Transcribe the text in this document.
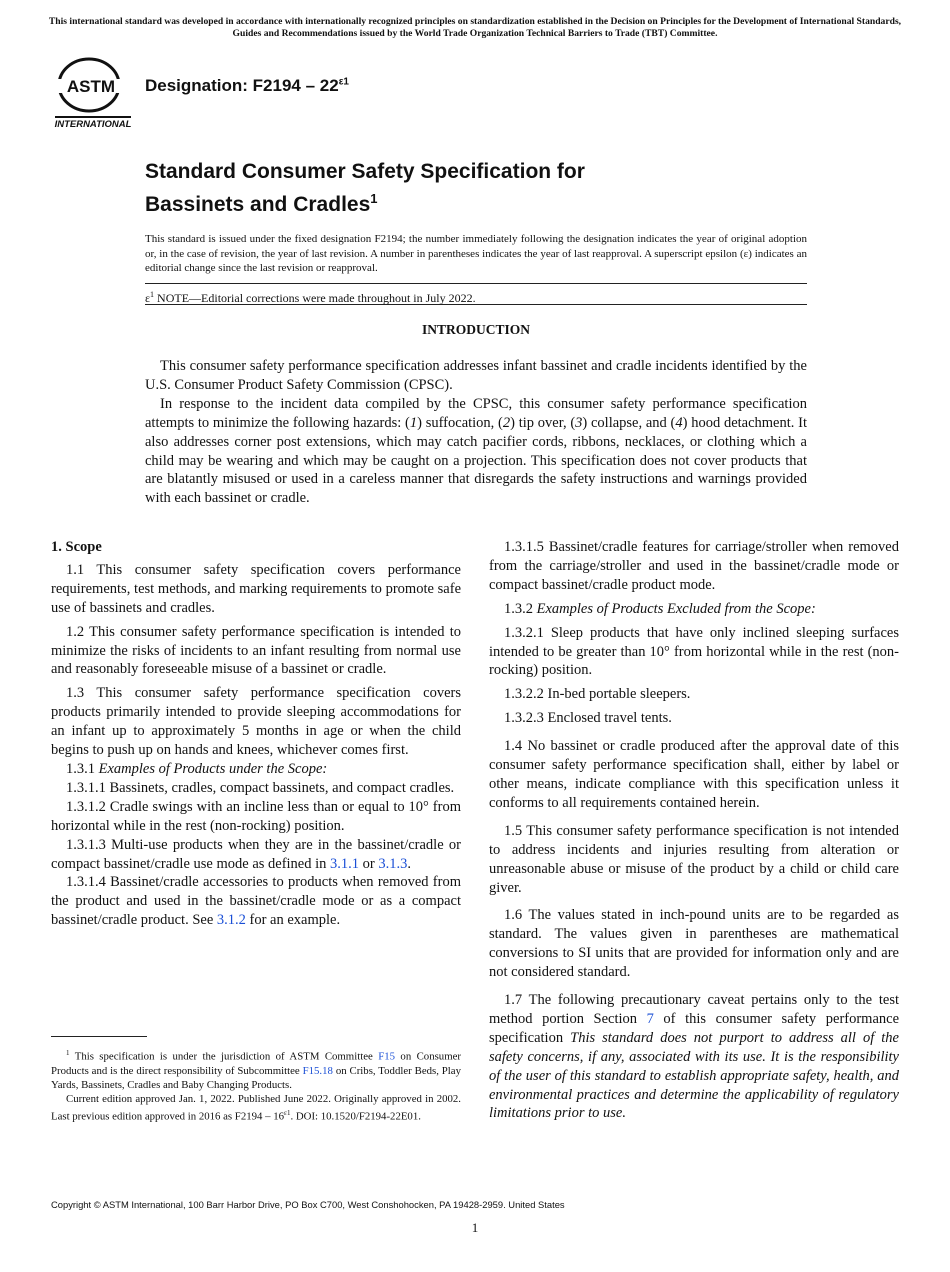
This international standard was developed in accordance with internationally recognized principles on standardization established in the Decision on Principles for the Development of International Standards, Guides and Recommendations issued by the World Trade Organization Technical Barriers to Trade (TBT) Committee.
ASTM
INTERNATIONAL
Designation: $F2194 - 22^{\varepsilon 1}$
Standard Consumer Safety Specification for
Bassinets and Cradles$^1$

This standard is issued under the fixed designation F2194; the number immediately following the designation indicates the year of original adoption or, in the case of revision, the year of last revision. A number in parentheses indicates the year of last reapproval. A superscript epsilon (ε) indicates an editorial change since the last revision or reapproval.

$\varepsilon^1$ NOTE—Editorial corrections were made throughout in July 2022.

INTRODUCTION

This consumer safety performance specification addresses infant bassinet and cradle incidents identified by the U.S. Consumer Product Safety Commission (CPSC).

In response to the incident data compiled by the CPSC, this consumer safety performance specification attempts to minimize the following hazards: (1) suffocation, (2) tip over, (3) collapse, and (4) hood detachment. It also addresses corner post extensions, which may catch pacifier cords, ribbons, necklaces, or clothing which a child may be wearing and which may be caught on a projection. This specification does not cover products that are blatantly misused or used in a careless manner that disregards the safety instructions and warnings provided with each bassinet or cradle.

1. Scope

1.1 This consumer safety specification covers performance requirements, test methods, and marking requirements to promote safe use of bassinets and cradles.

1.2 This consumer safety performance specification is intended to minimize the risks of incidents to an infant resulting from normal use and reasonably foreseeable misuse of a bassinet or cradle.

1.3 This consumer safety performance specification covers products primarily intended to provide sleeping accommodations for an infant up to approximately 5 months in age or when the child begins to push up on hands and knees, whichever comes first.

1.3.1 Examples of Products under the Scope:

1.3.1.1 Bassinets, cradles, compact bassinets, and compact cradles.

1.3.1.2 Cradle swings with an incline less than or equal to 10° from horizontal while in the rest (non-rocking) position.

1.3.1.3 Multi-use products when they are in the bassinet/cradle or compact bassinet/cradle use mode as defined in 3.1.1 or 3.1.3.

1.3.1.4 Bassinet/cradle accessories to products when removed from the product and used in the bassinet/cradle mode or as a compact bassinet/cradle product. See 3.1.2 for an example.

1.3.1.5 Bassinet/cradle features for carriage/stroller when removed from the carriage/stroller and used in the bassinet/cradle mode or compact bassinet/cradle product mode.

1.3.2 Examples of Products Excluded from the Scope:

1.3.2.1 Sleep products that have only inclined sleeping surfaces intended to be greater than 10° from horizontal while in the rest (non-rocking) position.

1.3.2.2 In-bed portable sleepers.

1.3.2.3 Enclosed travel tents.

1.4 No bassinet or cradle produced after the approval date of this consumer safety performance specification shall, either by label or other means, indicate compliance with this specification unless it conforms to all requirements contained herein.

1.5 This consumer safety performance specification is not intended to address incidents and injuries resulting from alteration or unreasonable abuse or misuse of the product by a child or child care giver.

1.6 The values stated in inch-pound units are to be regarded as standard. The values given in parentheses are mathematical conversions to SI units that are provided for information only and are not considered standard.

1.7 The following precautionary caveat pertains only to the test method portion Section 7 of this consumer safety performance specification This standard does not purport to address all of the safety concerns, if any, associated with its use. It is the responsibility of the user of this standard to establish appropriate safety, health, and environmental practices and determine the applicability of regulatory limitations prior to use.

$^1$ This specification is under the jurisdiction of ASTM Committee F15 on Consumer Products and is the direct responsibility of Subcommittee F15.18 on Cribs, Toddler Beds, Play Yards, Bassinets, Cradles and Baby Changing Products.

Current edition approved Jan. 1, 2022. Published June 2022. Originally approved in 2002. Last previous edition approved in 2016 as $F2194 - 16^{\varepsilon 1}$. DOI: 10.1520/F2194-22E01.

Copyright © ASTM International, 100 Barr Harbor Drive, PO Box C700, West Conshohocken, PA 19428-2959. United States
1
